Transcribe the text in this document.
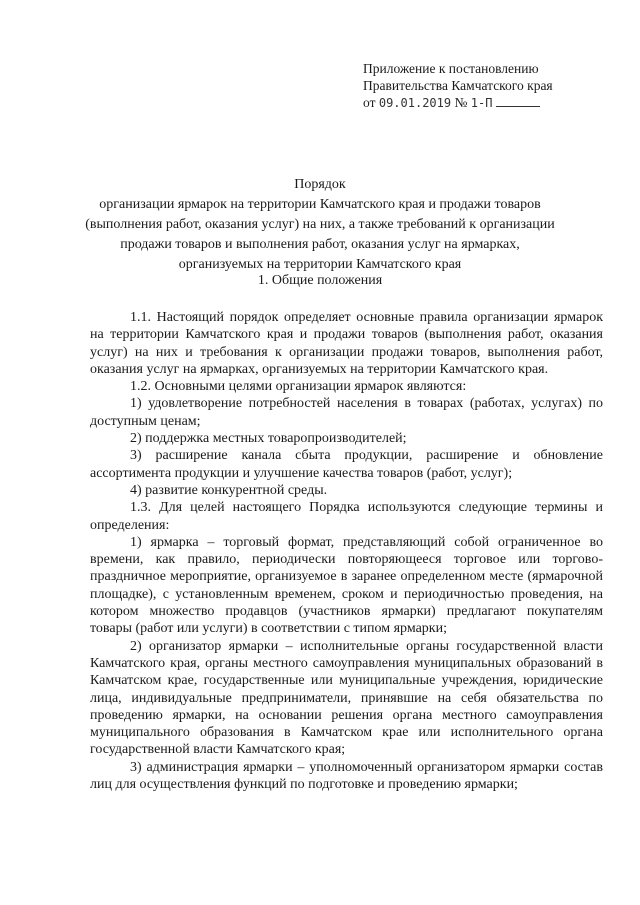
Приложение к постановлению
Правительства Камчатского края
от 09.01.2019 № 1-П

Порядок

организации ярмарок на территории Камчатского края и продажи товаров

(выполнения работ, оказания услуг) на них, а также требований к организации

продажи товаров и выполнения работ, оказания услуг на ярмарках,

организуемых на территории Камчатского края

1. Общие положения

1.1. Настоящий порядок определяет основные правила организации ярмарок на территории Камчатского края и продажи товаров (выполнения работ, оказания услуг) на них и требования к организации продажи товаров, выполнения работ, оказания услуг на ярмарках, организуемых на территории Камчатского края.

1.2. Основными целями организации ярмарок являются:

1) удовлетворение потребностей населения в товарах (работах, услугах) по доступным ценам;

2) поддержка местных товаропроизводителей;

3) расширение канала сбыта продукции, расширение и обновление ассортимента продукции и улучшение качества товаров (работ, услуг);

4) развитие конкурентной среды.

1.3. Для целей настоящего Порядка используются следующие термины и определения:

1) ярмарка – торговый формат, представляющий собой ограниченное во времени, как правило, периодически повторяющееся торговое или торгово-праздничное мероприятие, организуемое в заранее определенном месте (ярмарочной площадке), с установленным временем, сроком и периодичностью проведения, на котором множество продавцов (участников ярмарки) предлагают покупателям товары (работ или услуги) в соответствии с типом ярмарки;

2) организатор ярмарки – исполнительные органы государственной власти Камчатского края, органы местного самоуправления муниципальных образований в Камчатском крае, государственные или муниципальные учреждения, юридические лица, индивидуальные предприниматели, принявшие на себя обязательства по проведению ярмарки, на основании решения органа местного самоуправления муниципального образования в Камчатском крае или исполнительного органа государственной власти Камчатского края;

3) администрация ярмарки – уполномоченный организатором ярмарки состав лиц для осуществления функций по подготовке и проведению ярмарки;
